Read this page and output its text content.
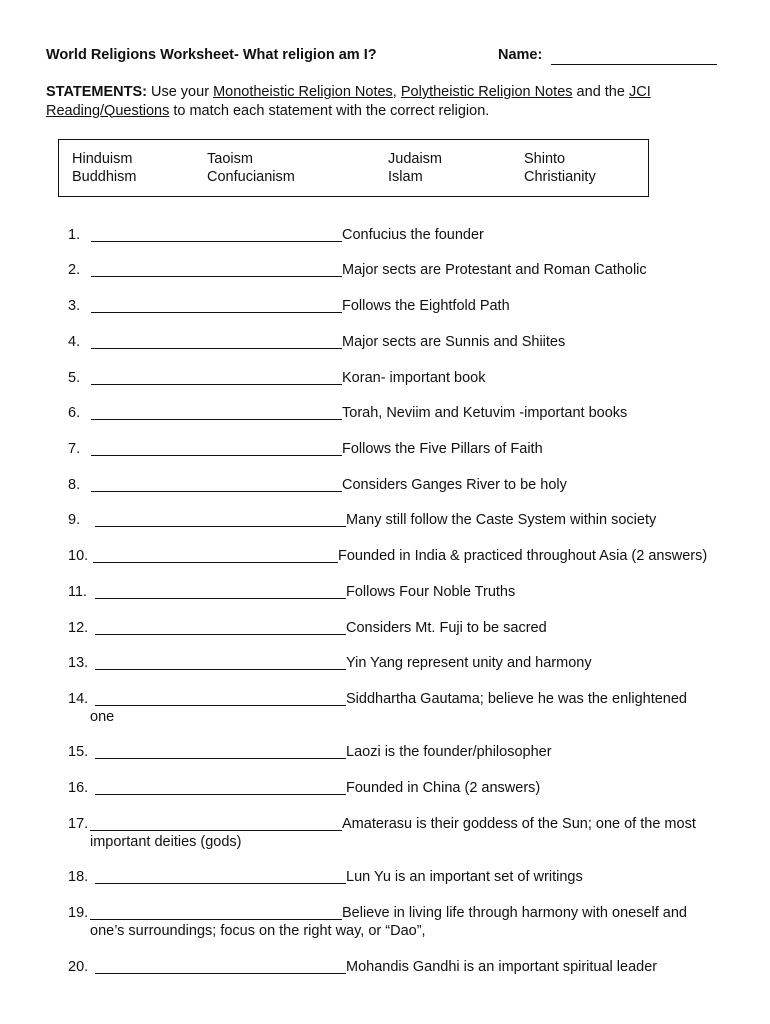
World Religions Worksheet- What religion am I?	Name:
STATEMENTS: Use your Monotheistic Religion Notes, Polytheistic Religion Notes and the JCI Reading/Questions to match each statement with the correct religion.
Hinduism	Taoism	Judaism	Shinto
Buddhism	Confucianism	Islam	Christianity
1.	Confucius the founder
2.	Major sects are Protestant and Roman Catholic
3.	Follows the Eightfold Path
4.	Major sects are Sunnis and Shiites
5.	Koran- important book
6.	Torah, Neviim and Ketuvim -important books
7.	Follows the Five Pillars of Faith
8.	Considers Ganges River to be holy
9.	Many still follow the Caste System within society
10.	Founded in India & practiced throughout Asia (2 answers)
11.	Follows Four Noble Truths
12.	Considers Mt. Fuji to be sacred
13.	Yin Yang represent unity and harmony
14.	Siddhartha Gautama; believe he was the enlightened
one
15.	Laozi is the founder/philosopher
16.	Founded in China (2 answers)
17.	Amaterasu is their goddess of the Sun; one of the most
important deities (gods)
18.	Lun Yu is an important set of writings
19.	Believe in living life through harmony with oneself and
one’s surroundings; focus on the right way, or “Dao”,
20.	Mohandis Gandhi is an important spiritual leader
